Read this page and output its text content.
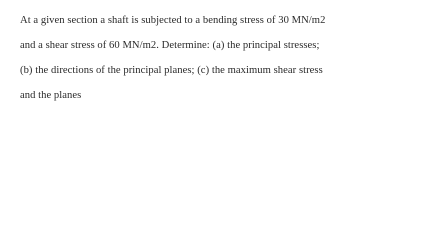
At a given section a shaft is subjected to a bending stress of 30 MN/m2

and a shear stress of 60 MN/m2. Determine: (a) the principal stresses;

(b) the directions of the principal planes; (c) the maximum shear stress

and the planes
